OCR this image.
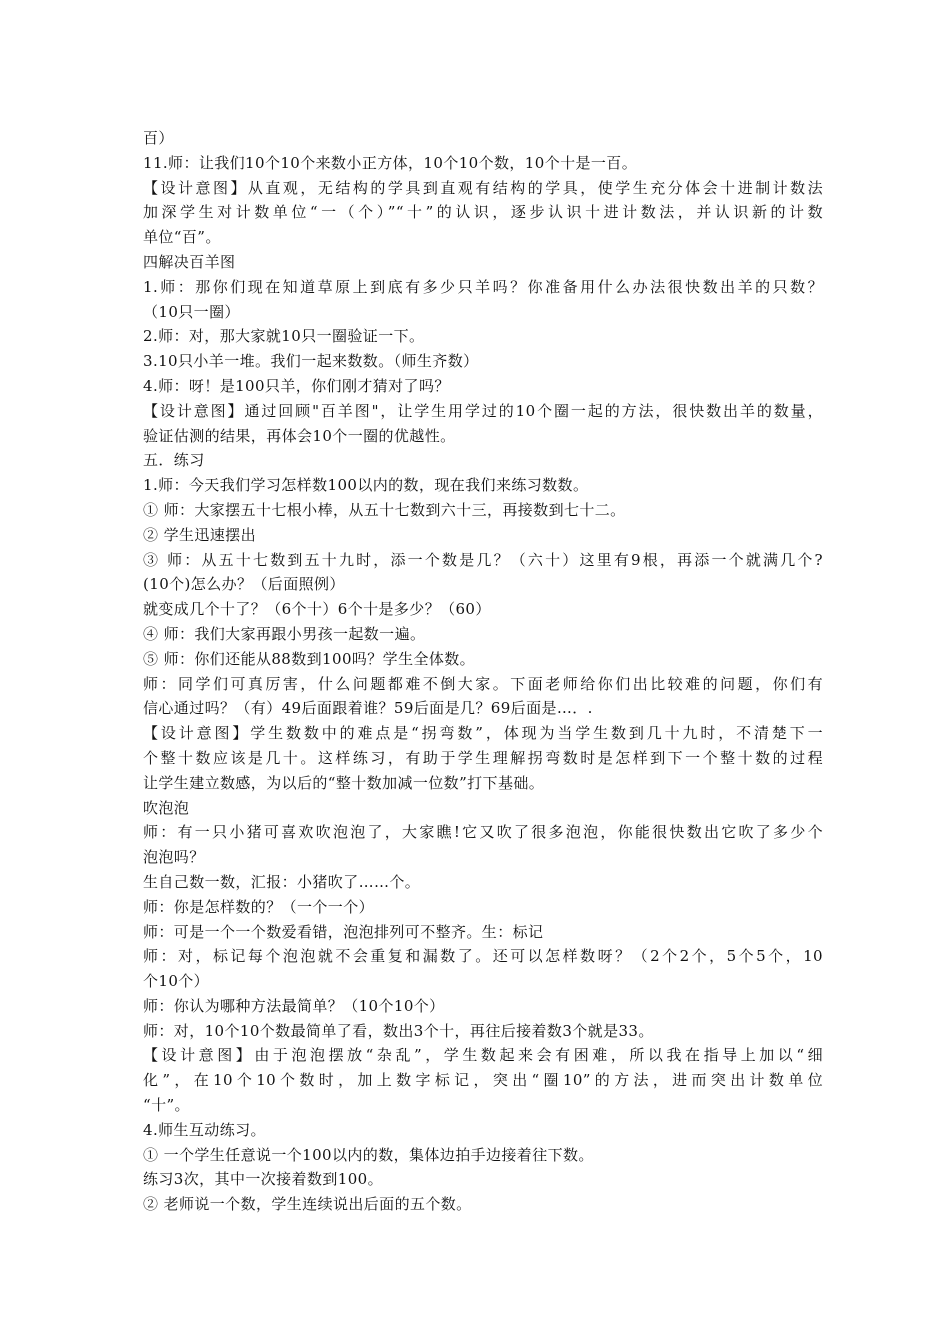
百）
11.师：让我们10个10个来数小正方体，10个10个数，10个十是一百。
【设计意图】从直观，无结构的学具到直观有结构的学具，使学生充分体会十进制计数法
加深学生对计数单位“一（个）”“十”的认识，逐步认识十进计数法，并认识新的计数
单位“百”。
四解决百羊图
1.师：那你们现在知道草原上到底有多少只羊吗？你准备用什么办法很快数出羊的只数？
（10只一圈）
2.师：对，那大家就10只一圈验证一下。
3.10只小羊一堆。我们一起来数数。（师生齐数）
4.师：呀！是100只羊，你们刚才猜对了吗？
【设计意图】通过回顾"百羊图"，让学生用学过的10个圈一起的方法，很快数出羊的数量，
验证估测的结果，再体会10个一圈的优越性。
五．练习
1.师：今天我们学习怎样数100以内的数，现在我们来练习数数。
① 师：大家摆五十七根小棒，从五十七数到六十三，再接数到七十二。
② 学生迅速摆出
③ 师：从五十七数到五十九时，添一个数是几？（六十）这里有9根，再添一个就满几个?
(10个)怎么办？（后面照例）
就变成几个十了？（6个十）6个十是多少？（60）
④ 师：我们大家再跟小男孩一起数一遍。
⑤ 师：你们还能从88数到100吗？学生全体数。
师：同学们可真厉害，什么问题都难不倒大家。下面老师给你们出比较难的问题，你们有
信心通过吗？（有）49后面跟着谁？59后面是几？69后面是…．.
【设计意图】学生数数中的难点是“拐弯数”，体现为当学生数到几十九时，不清楚下一
个整十数应该是几十。这样练习，有助于学生理解拐弯数时是怎样到下一个整十数的过程
让学生建立数感，为以后的“整十数加减一位数”打下基础。
吹泡泡
师：有一只小猪可喜欢吹泡泡了，大家瞧!它又吹了很多泡泡，你能很快数出它吹了多少个
泡泡吗？
生自己数一数，汇报：小猪吹了……个。
师：你是怎样数的？（一个一个）
师：可是一个一个数爱看错，泡泡排列可不整齐。生：标记
师：对，标记每个泡泡就不会重复和漏数了。还可以怎样数呀？（2个2个，5个5个，10
个10个）
师：你认为哪种方法最简单？（10个10个）
师：对，10个10个数最简单了看，数出3个十，再往后接着数3个就是33。
【设计意图】由于泡泡摆放“杂乱”，学生数起来会有困难，所以我在指导上加以“细
化”，在10个10个数时，加上数字标记，突出“圈10”的方法，进而突出计数单位
“十”。
4.师生互动练习。
① 一个学生任意说一个100以内的数，集体边拍手边接着往下数。
练习3次，其中一次接着数到100。
② 老师说一个数，学生连续说出后面的五个数。
